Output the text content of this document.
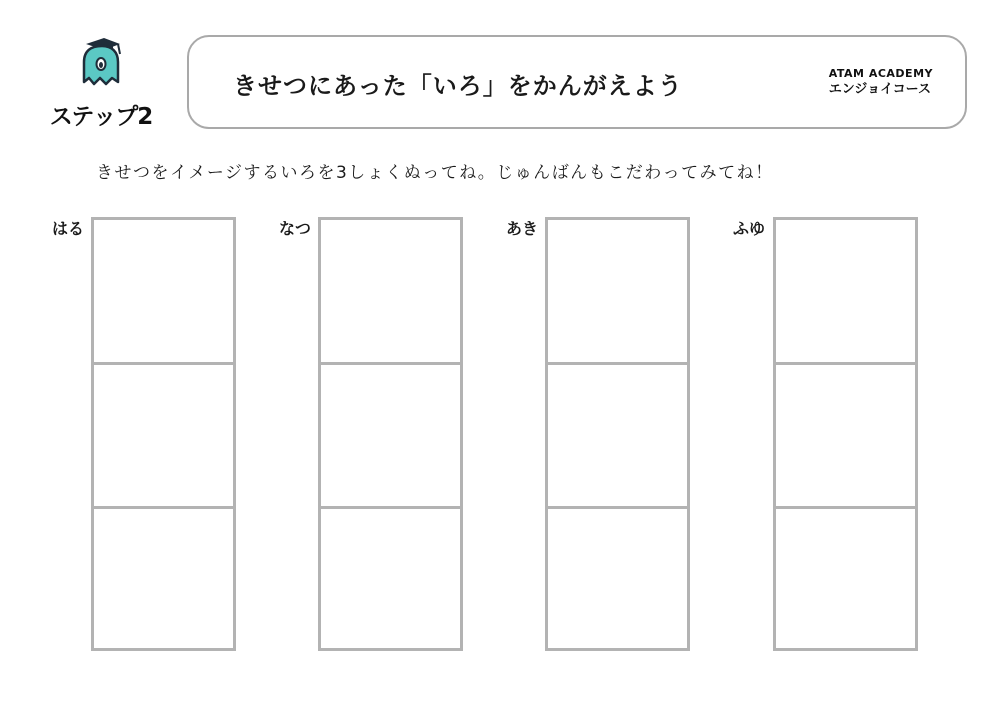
ステップ2
きせつにあった「いろ」をかんがえよう	ATAM ACADEMY
エンジョイコース
きせつをイメージするいろを3しょくぬってね。じゅんばんもこだわってみてね！
はる	なつ	あき	ふゆ
